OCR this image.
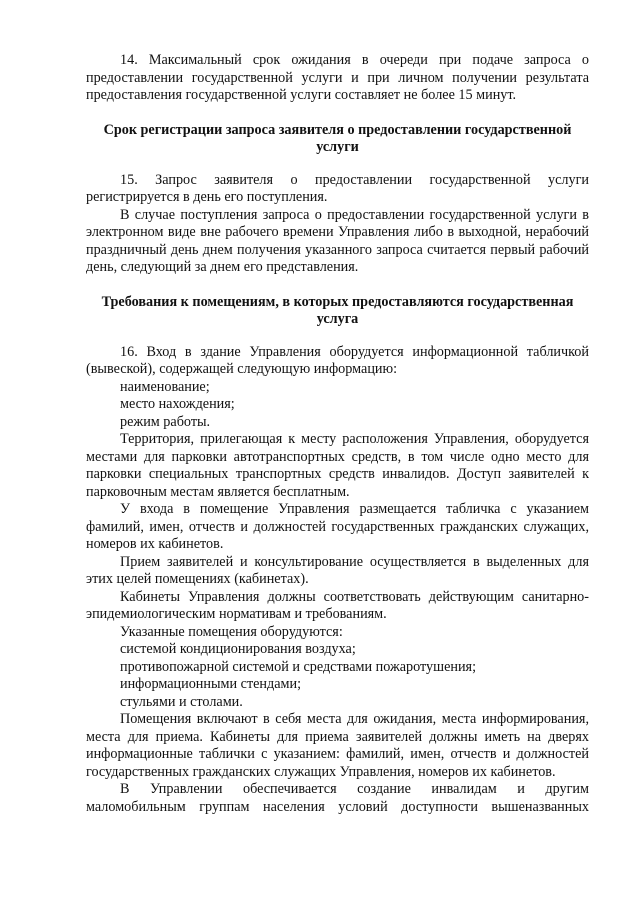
14. Максимальный срок ожидания в очереди при подаче запроса о предоставлении государственной услуги и при личном получении результата предоставления государственной услуги составляет не более 15 минут.

Срок регистрации запроса заявителя о предоставлении государственной услуги

15. Запрос заявителя о предоставлении государственной услуги регистрируется в день его поступления.

В случае поступления запроса о предоставлении государственной услуги в электронном виде вне рабочего времени Управления либо в выходной, нерабочий праздничный день днем получения указанного запроса считается первый рабочий день, следующий за днем его представления.

Требования к помещениям, в которых предоставляются государственная услуга

16. Вход в здание Управления оборудуется информационной табличкой (вывеской), содержащей следующую информацию:

наименование;

место нахождения;

режим работы.

Территория, прилегающая к месту расположения Управления, оборудуется местами для парковки автотранспортных средств, в том числе одно место для парковки специальных транспортных средств инвалидов. Доступ заявителей к парковочным местам является бесплатным.

У входа в помещение Управления размещается табличка с указанием фамилий, имен, отчеств и должностей государственных гражданских служащих, номеров их кабинетов.

Прием заявителей и консультирование осуществляется в выделенных для этих целей помещениях (кабинетах).

Кабинеты Управления должны соответствовать действующим санитарно-эпидемиологическим нормативам и требованиям.

Указанные помещения оборудуются:

системой кондиционирования воздуха;

противопожарной системой и средствами пожаротушения;

информационными стендами;

стульями и столами.

Помещения включают в себя места для ожидания, места информирования, места для приема. Кабинеты для приема заявителей должны иметь на дверях информационные таблички с указанием: фамилий, имен, отчеств и должностей государственных гражданских служащих Управления, номеров их кабинетов.

В Управлении обеспечивается создание инвалидам и другим маломобильным группам населения условий доступности вышеназванных
